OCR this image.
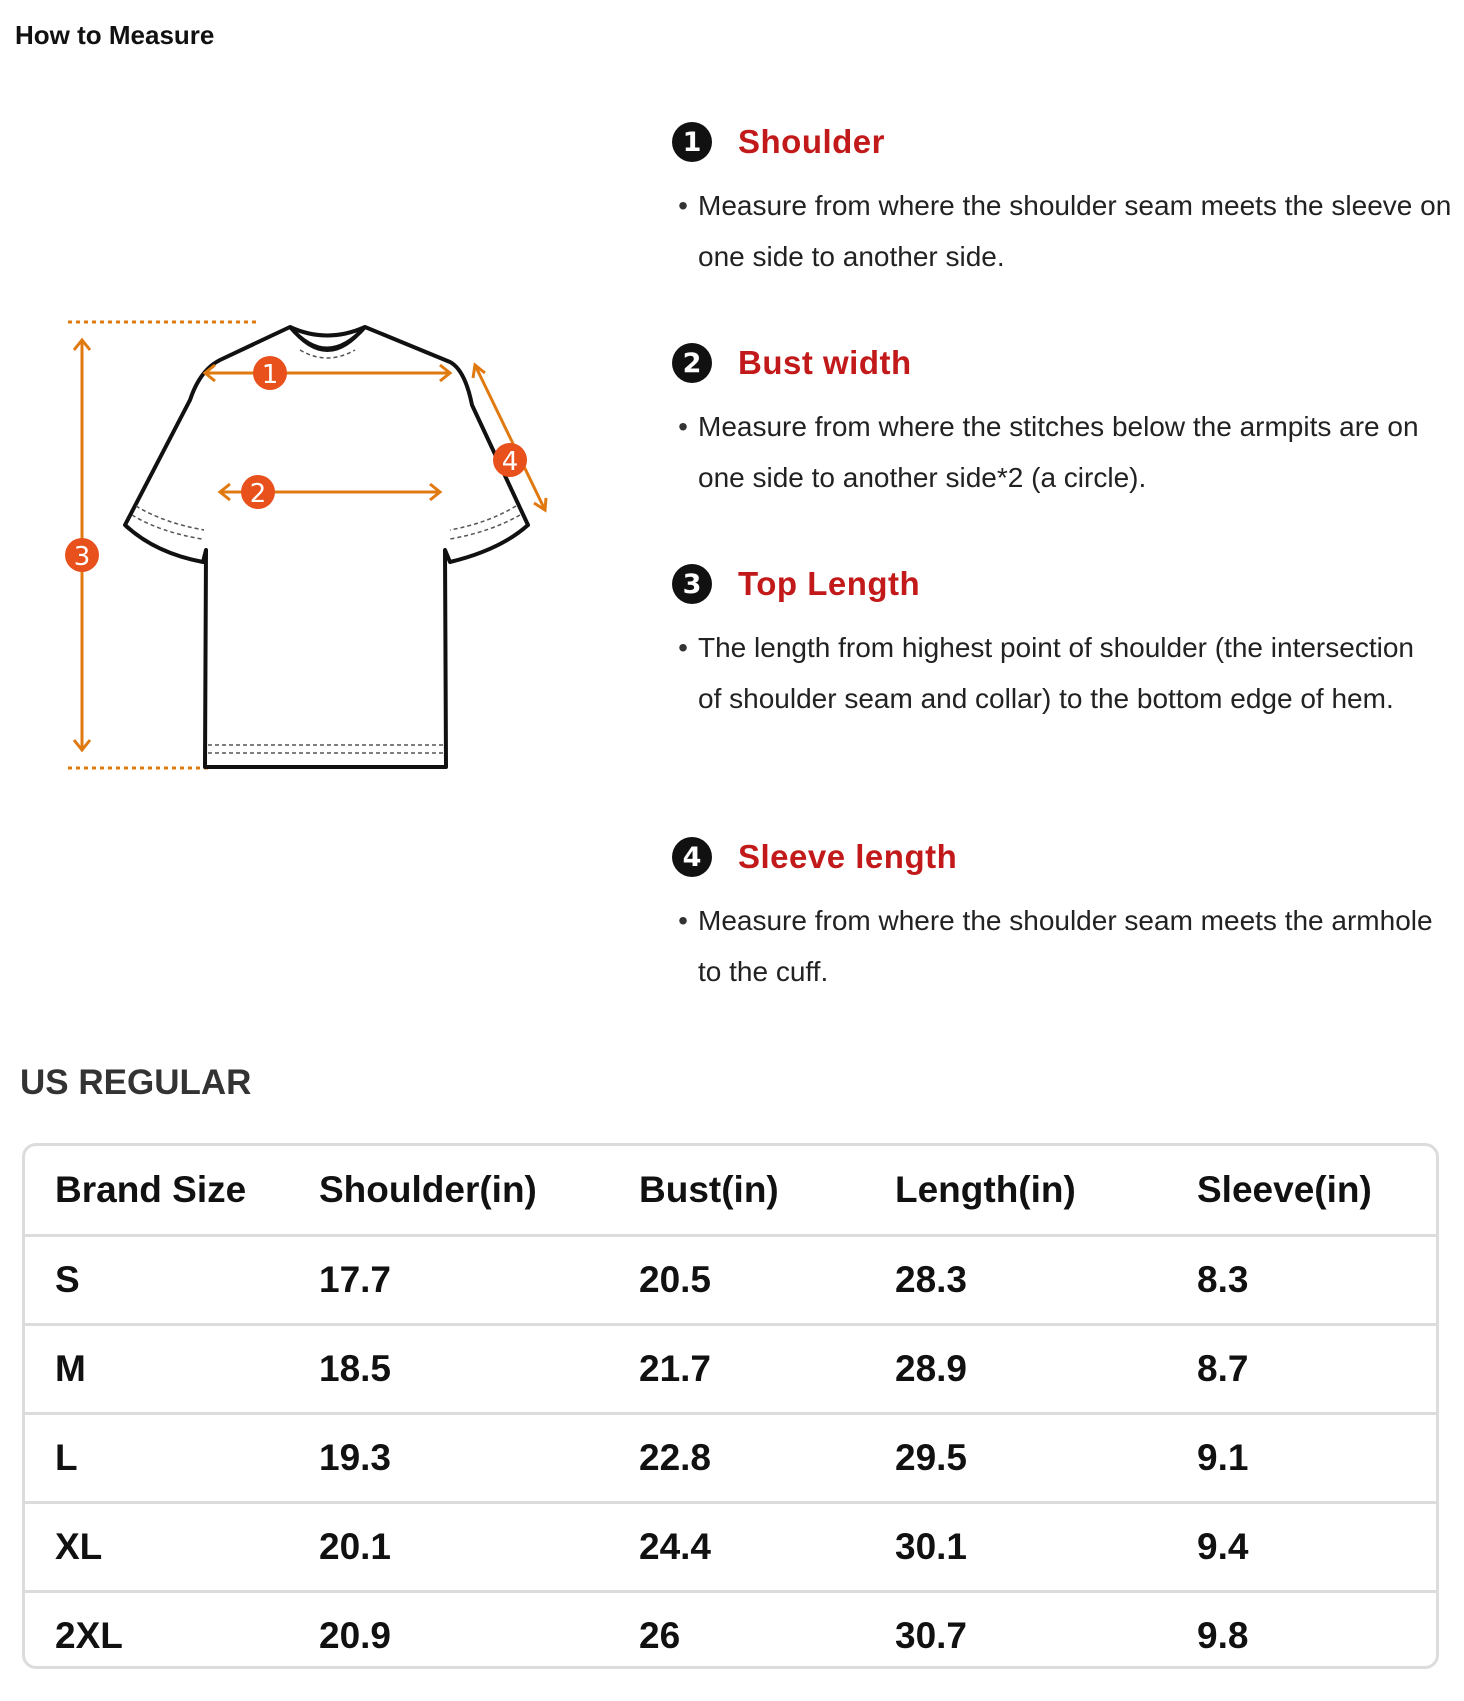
How to Measure
1
2
3
4
1	Shoulder
• Measure from where the shoulder seam meets the sleeve on one side to another side.
2	Bust width
• Measure from where the stitches below the armpits are on one side to another side*2 (a circle).
3	Top Length
• The length from highest point of shoulder (the intersection of shoulder seam and collar) to the bottom edge of hem.
4	Sleeve length
• Measure from where the shoulder seam meets the armhole to the cuff.
US REGULAR
Brand Size	Shoulder(in)	Bust(in)	Length(in)	Sleeve(in)
S	17.7	20.5	28.3	8.3
M	18.5	21.7	28.9	8.7
L	19.3	22.8	29.5	9.1
XL	20.1	24.4	30.1	9.4
2XL	20.9	26	30.7	9.8
